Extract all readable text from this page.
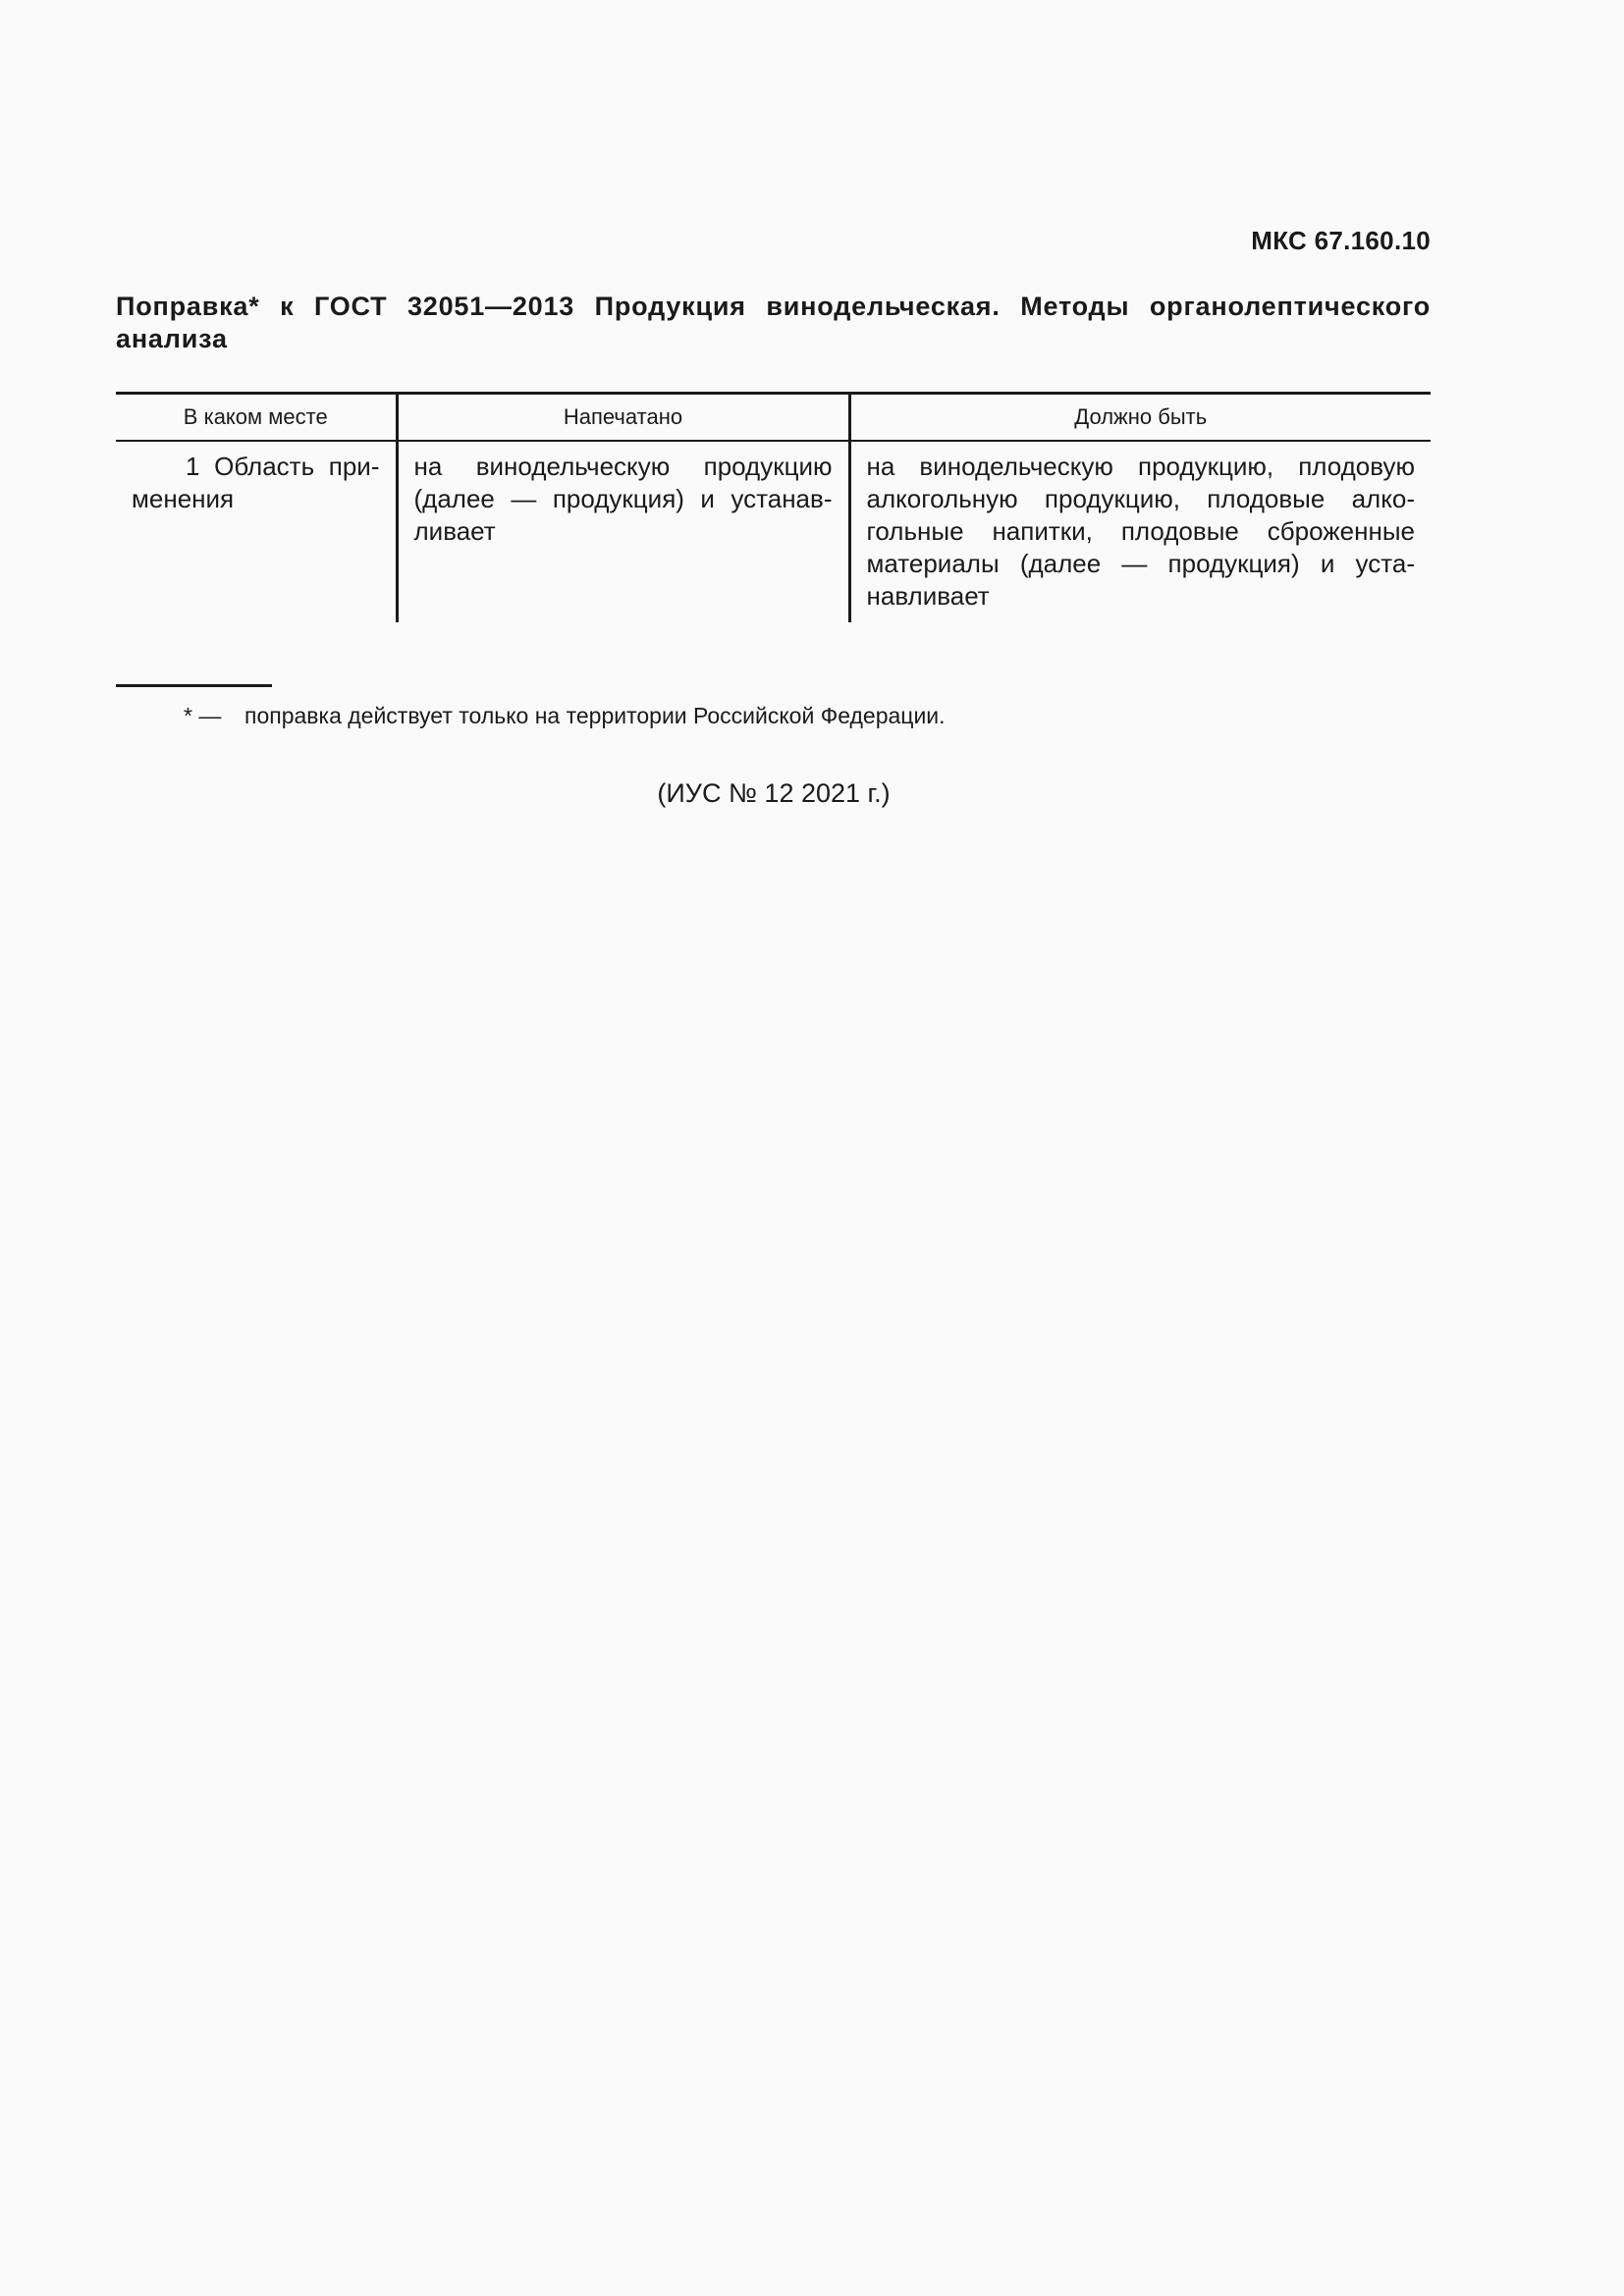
МКС 67.160.10
Поправка* к ГОСТ 32051—2013 Продукция винодельческая. Методы органолептического анализа
В каком месте	Напечатано	Должно быть
1 Область применения	на винодельческую продукцию (далее — продукция) и устанавливает	на винодельческую продукцию, плодовую алкогольную продукцию, плодовые алкогольные напитки, плодовые сброженные материалы (далее — продукция) и устанавливает
* — поправка действует только на территории Российской Федерации.
(ИУС № 12 2021 г.)
